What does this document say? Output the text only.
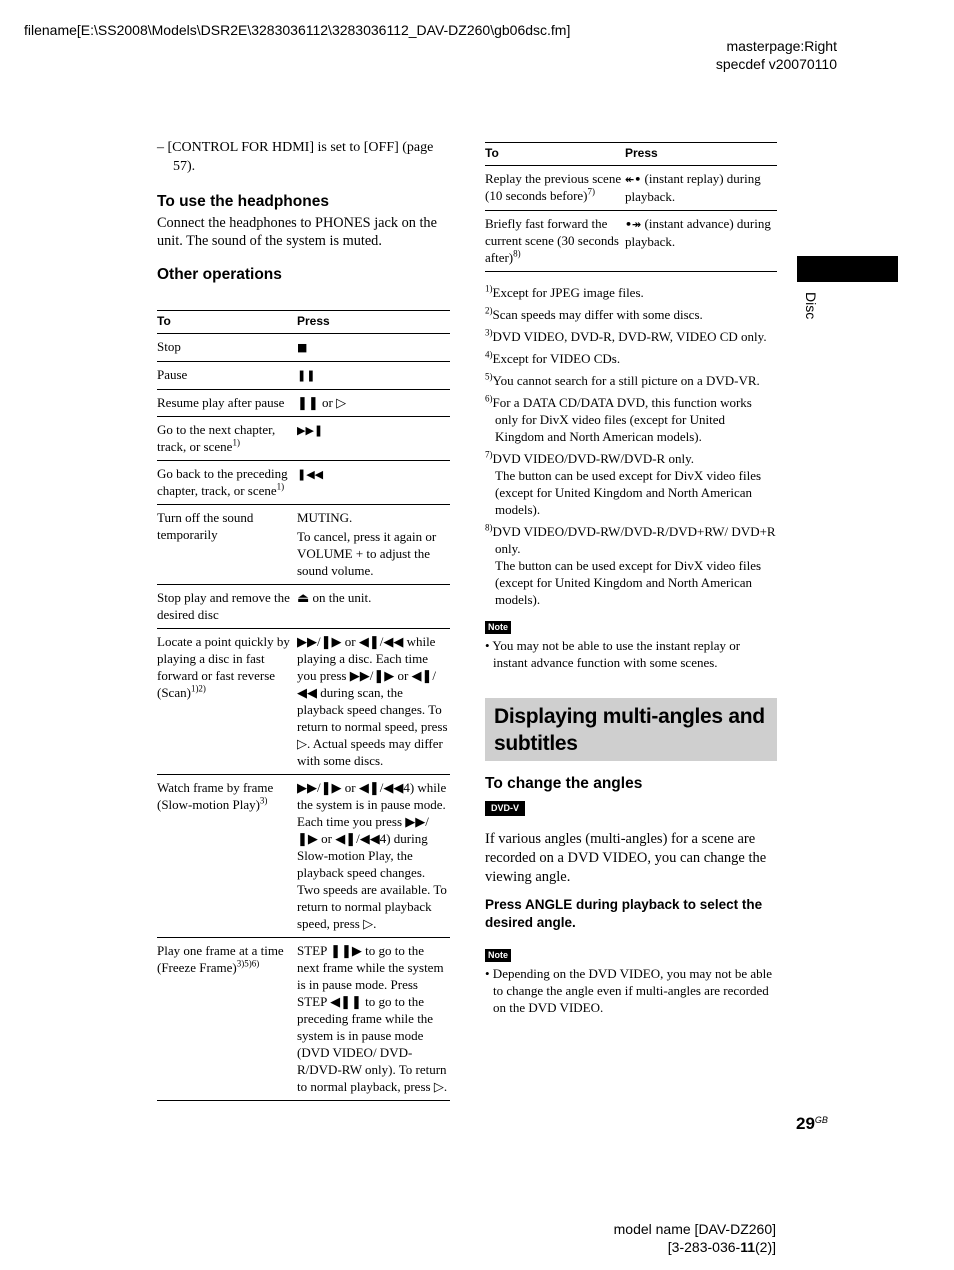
filename[E:\SS2008\Models\DSR2E\3283036112\3283036112_DAV-DZ260\gb06dsc.fm]
masterpage:Right
specdef v20070110

– [CONTROL FOR HDMI] is set to [OFF] (page 57).

To use the headphones

Connect the headphones to PHONES jack on the unit. The sound of the system is muted.

Other operations

To	Press
Stop	■
Pause	❚❚
Resume play after pause	❚❚ or ▷
Go to the next chapter, track, or scene$^{1)}$	▶▶❚
Go back to the preceding chapter, track, or scene$^{1)}$	❚◀◀
Turn off the sound temporarily	MUTING.
To cancel, press it again or VOLUME + to adjust the sound volume.

Stop play and remove the desired disc	⏏ on the unit.
Locate a point quickly by playing a disc in fast forward or fast reverse (Scan)$^{1)2)}$	▶▶/❚▶ or ◀❚/◀◀ while playing a disc. Each time you press ▶▶/❚▶ or ◀❚/◀◀ during scan, the playback speed changes. To return to normal speed, press ▷. Actual speeds may differ with some discs.
Watch frame by frame (Slow-motion Play)$^{3)}$	▶▶/❚▶ or ◀❚/◀◀4) while the system is in pause mode. Each time you press ▶▶/❚▶ or ◀❚/◀◀4) during Slow-motion Play, the playback speed changes. Two speeds are available. To return to normal playback speed, press ▷.
Play one frame at a time (Freeze Frame)$^{3)5)6)}$	STEP ❚❚▶ to go to the next frame while the system is in pause mode. Press STEP ◀❚❚ to go to the preceding frame while the system is in pause mode (DVD VIDEO/ DVD-R/DVD-RW only). To return to normal playback, press ▷.
To	Press
Replay the previous scene (10 seconds before)$^{7)}$	↞• (instant replay) during playback.
Briefly fast forward the current scene (30 seconds after)$^{8)}$	•↠ (instant advance) during playback.

$^{1)}$Except for JPEG image files.

$^{2)}$Scan speeds may differ with some discs.

$^{3)}$DVD VIDEO, DVD-R, DVD-RW, VIDEO CD only.

$^{4)}$Except for VIDEO CDs.

$^{5)}$You cannot search for a still picture on a DVD-VR.

$^{6)}$For a DATA CD/DATA DVD, this function works only for DivX video files (except for United Kingdom and North American models).

$^{7)}$DVD VIDEO/DVD-RW/DVD-R only.
The button can be used except for DivX video files (except for United Kingdom and North American models).

$^{8)}$DVD VIDEO/DVD-RW/DVD-R/DVD+RW/ DVD+R only.
The button can be used except for DivX video files (except for United Kingdom and North American models).

Note

• You may not be able to use the instant replay or instant advance function with some scenes.

Displaying multi-angles and subtitles

To change the angles

DVD-V

If various angles (multi-angles) for a scene are recorded on a DVD VIDEO, you can change the viewing angle.

Press ANGLE during playback to select the desired angle.

Note

• Depending on the DVD VIDEO, you may not be able to change the angle even if multi-angles are recorded on the DVD VIDEO.

Disc
$29^{GB}$
model name [DAV-DZ260]
[3-283-036-11(2)]
